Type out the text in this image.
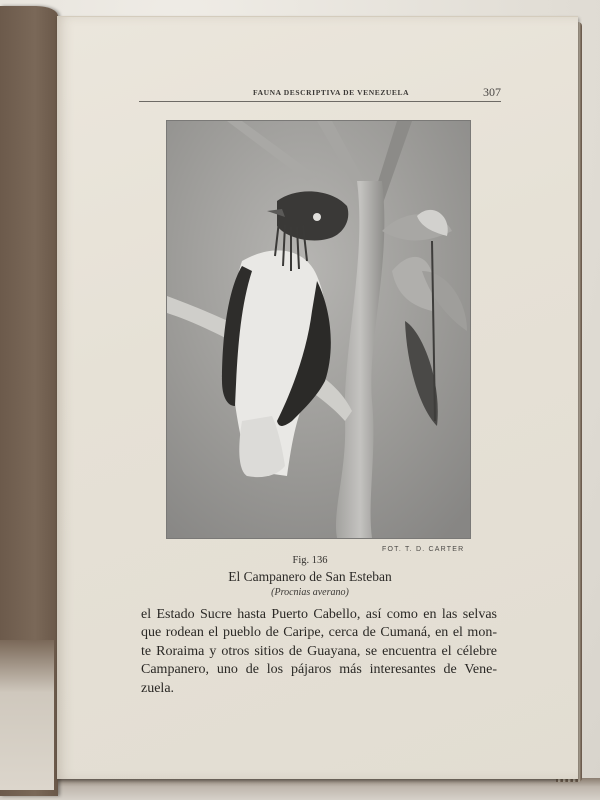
FAUNA DESCRIPTIVA DE VENEZUELA	307
FOT. T. D. CARTER
Fig. 136
El Campanero de San Esteban
(Procnias averano)
el Estado Sucre hasta Puerto Cabello, así como en las selvas
que rodean el pueblo de Caripe, cerca de Cumaná, en el mon-
te Roraima y otros sitios de Guayana, se encuentra el célebre
Campanero, uno de los pájaros más interesantes de Vene-
zuela.
